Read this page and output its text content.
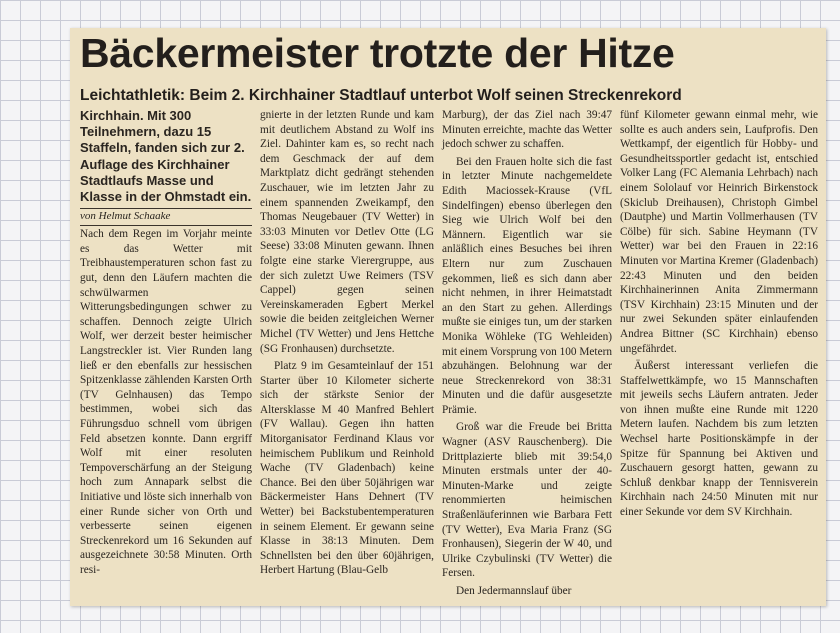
Bäckermeister trotzte der Hitze
Leichtathletik: Beim 2. Kirchhainer Stadtlauf unterbot Wolf seinen Streckenrekord
Kirchhain. Mit 300 Teilnehmern, dazu 15 Staffeln, fanden sich zur 2. Auflage des Kirchhainer Stadtlaufs Masse und Klasse in der Ohmstadt ein.
von Helmut Schaake

Nach dem Regen im Vorjahr meinte es das Wetter mit Treibhaustemperaturen schon fast zu gut, denn den Läufern machten die schwülwarmen Witterungsbedingungen schwer zu schaffen. Dennoch zeigte Ulrich Wolf, wer derzeit bester heimischer Langstreckler ist. Vier Runden lang ließ er den ebenfalls zur hessischen Spitzenklasse zählenden Karsten Orth (TV Gelnhausen) das Tempo bestimmen, wobei sich das Führungsduo schnell vom übrigen Feld absetzen konnte. Dann ergriff Wolf mit einer resoluten Tempoverschärfung an der Steigung hoch zum Annapark selbst die Initiative und löste sich innerhalb von einer Runde sicher von Orth und verbesserte seinen eigenen Streckenrekord um 16 Sekunden auf ausgezeichnete 30:58 Minuten. Orth resi-

gnierte in der letzten Runde und kam mit deutlichem Abstand zu Wolf ins Ziel. Dahinter kam es, so recht nach dem Geschmack der auf dem Marktplatz dicht gedrängt stehenden Zuschauer, wie im letzten Jahr zu einem spannenden Zweikampf, den Thomas Neugebauer (TV Wetter) in 33:03 Minuten vor Detlev Otte (LG Seese) 33:08 Minuten gewann. Ihnen folgte eine starke Vierergruppe, aus der sich zuletzt Uwe Reimers (TSV Cappel) gegen seinen Vereinskameraden Egbert Merkel sowie die beiden zeitgleichen Werner Michel (TV Wetter) und Jens Hettche (SG Fronhausen) durchsetzte.

Platz 9 im Gesamteinlauf der 151 Starter über 10 Kilometer sicherte sich der stärkste Senior der Altersklasse M 40 Manfred Behlert (FV Wallau). Gegen ihn hatten Mitorganisator Ferdinand Klaus vor heimischem Publikum und Reinhold Wache (TV Gladenbach) keine Chance. Bei den über 50jährigen war Bäckermeister Hans Dehnert (TV Wetter) bei Backstubentemperaturen in seinem Element. Er gewann seine Klasse in 38:13 Minuten. Dem Schnellsten bei den über 60jährigen, Herbert Hartung (Blau-Gelb

Marburg), der das Ziel nach 39:47 Minuten erreichte, machte das Wetter jedoch schwer zu schaffen.

Bei den Frauen holte sich die fast in letzter Minute nachgemeldete Edith Maciossek-Krause (VfL Sindelfingen) ebenso überlegen den Sieg wie Ulrich Wolf bei den Männern. Eigentlich war sie anläßlich eines Besuches bei ihren Eltern nur zum Zuschauen gekommen, ließ es sich dann aber nicht nehmen, in ihrer Heimatstadt an den Start zu gehen. Allerdings mußte sie einiges tun, um der starken Monika Wöhleke (TG Wehleiden) mit einem Vorsprung von 100 Metern abzuhängen. Belohnung war der neue Streckenrekord von 38:31 Minuten und die dafür ausgesetzte Prämie.

Groß war die Freude bei Britta Wagner (ASV Rauschenberg). Die Drittplazierte blieb mit 39:54,0 Minuten erstmals unter der 40-Minuten-Marke und zeigte renommierten heimischen Straßenläuferinnen wie Barbara Fett (TV Wetter), Eva Maria Franz (SG Fronhausen), Siegerin der W 40, und Ulrike Czybulinski (TV Wetter) die Fersen.

Den Jedermannslauf über

fünf Kilometer gewann einmal mehr, wie sollte es auch anders sein, Laufprofis. Den Wettkampf, der eigentlich für Hobby- und Gesundheitssportler gedacht ist, entschied Volker Lang (FC Alemania Lehrbach) nach einem Sololauf vor Heinrich Birkenstock (Skiclub Dreihausen), Christoph Gimbel (Dautphe) und Martin Vollmerhausen (TV Cölbe) für sich. Sabine Heymann (TV Wetter) war bei den Frauen in 22:16 Minuten vor Martina Kremer (Gladenbach) 22:43 Minuten und den beiden Kirchhainerinnen Anita Zimmermann (TSV Kirchhain) 23:15 Minuten und der nur zwei Sekunden später einlaufenden Andrea Bittner (SC Kirchhain) ebenso ungefährdet.

Äußerst interessant verliefen die Staffelwettkämpfe, wo 15 Mannschaften mit jeweils sechs Läufern antraten. Jeder von ihnen mußte eine Runde mit 1220 Metern laufen. Nachdem bis zum letzten Wechsel harte Positionskämpfe in der Spitze für Spannung bei Aktiven und Zuschauern gesorgt hatten, gewann zu Schluß denkbar knapp der Tennisverein Kirchhain nach 24:50 Minuten mit nur einer Sekunde vor dem SV Kirchhain.
